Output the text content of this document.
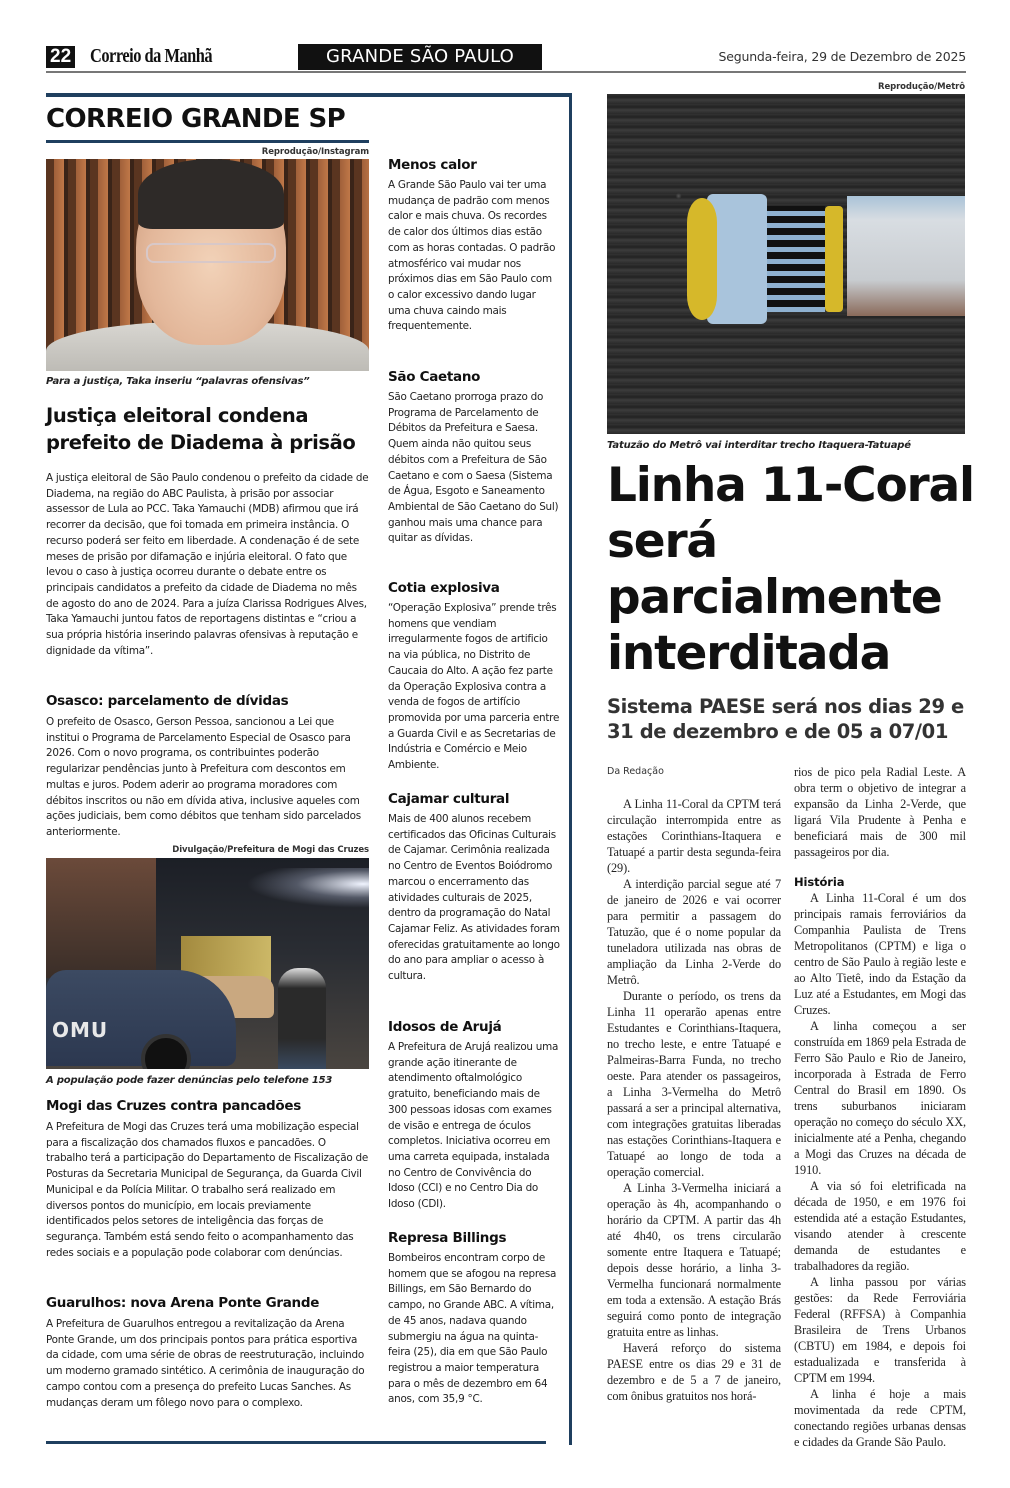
22 Correio da Manhã	GRANDE SÃO PAULO	Segunda-feira, 29 de Dezembro de 2025
CORREIO GRANDE SP
Reprodução/Instagram
Para a justiça, Taka inseriu “palavras ofensivas”
Justiça eleitoral condena prefeito de Diadema à prisão

A justiça eleitoral de São Paulo condenou o prefeito da cidade de Diadema, na região do ABC Paulista, à prisão por associar assessor de Lula ao PCC. Taka Yamauchi (MDB) afirmou que irá recorrer da decisão, que foi tomada em primeira instância. O recurso poderá ser feito em liberdade. A condenação é de sete meses de prisão por difamação e injúria eleitoral. O fato que levou o caso à justiça ocorreu durante o debate entre os principais candidatos a prefeito da cidade de Diadema no mês de agosto do ano de 2024. Para a juíza Clarissa Rodrigues Alves, Taka Yamauchi juntou fatos de reportagens distintas e “criou a sua própria história inserindo palavras ofensivas à reputação e dignidade da vítima”.

Osasco: parcelamento de dívidas

O prefeito de Osasco, Gerson Pessoa, sancionou a Lei que institui o Programa de Parcelamento Especial de Osasco para 2026. Com o novo programa, os contribuintes poderão regularizar pendências junto à Prefeitura com descontos em multas e juros. Podem aderir ao programa moradores com débitos inscritos ou não em dívida ativa, inclusive aqueles com ações judiciais, bem como débitos que tenham sido parcelados anteriormente.

Divulgação/Prefeitura de Mogi das Cruzes
OMU
A população pode fazer denúncias pelo telefone 153
Mogi das Cruzes contra pancadões

A Prefeitura de Mogi das Cruzes terá uma mobilização especial para a fiscalização dos chamados fluxos e pancadões. O trabalho terá a participação do Departamento de Fiscalização de Posturas da Secretaria Municipal de Segurança, da Guarda Civil Municipal e da Polícia Militar. O trabalho será realizado em diversos pontos do município, em locais previamente identificados pelos setores de inteligência das forças de segurança. Também está sendo feito o acompanhamento das redes sociais e a população pode colaborar com denúncias.

Guarulhos: nova Arena Ponte Grande

A Prefeitura de Guarulhos entregou a revitalização da Arena Ponte Grande, um dos principais pontos para prática esportiva da cidade, com uma série de obras de reestruturação, incluindo um moderno gramado sintético. A cerimônia de inauguração do campo contou com a presença do prefeito Lucas Sanches. As mudanças deram um fôlego novo para o complexo.

Menos calor

A Grande São Paulo vai ter uma mudança de padrão com menos calor e mais chuva. Os recordes de calor dos últimos dias estão com as horas contadas. O padrão atmosférico vai mudar nos próximos dias em São Paulo com o calor excessivo dando lugar uma chuva caindo mais frequentemente.

São Caetano

São Caetano prorroga prazo do Programa de Parcelamento de Débitos da Prefeitura e Saesa. Quem ainda não quitou seus débitos com a Prefeitura de São Caetano e com o Saesa (Sistema de Água, Esgoto e Saneamento Ambiental de São Caetano do Sul) ganhou mais uma chance para quitar as dívidas.

Cotia explosiva

“Operação Explosiva” prende três homens que vendiam irregularmente fogos de artificio na via pública, no Distrito de Caucaia do Alto. A ação fez parte da Operação Explosiva contra a venda de fogos de artifício promovida por uma parceria entre a Guarda Civil e as Secretarias de Indústria e Comércio e Meio Ambiente.

Cajamar cultural

Mais de 400 alunos recebem certificados das Oficinas Culturais de Cajamar. Cerimônia realizada no Centro de Eventos Boiódromo marcou o encerramento das atividades culturais de 2025, dentro da programação do Natal Cajamar Feliz. As atividades foram oferecidas gratuitamente ao longo do ano para ampliar o acesso à cultura.

Idosos de Arujá

A Prefeitura de Arujá realizou uma grande ação itinerante de atendimento oftalmológico gratuito, beneficiando mais de 300 pessoas idosas com exames de visão e entrega de óculos completos. Iniciativa ocorreu em uma carreta equipada, instalada no Centro de Convivência do Idoso (CCI) e no Centro Dia do Idoso (CDI).

Represa Billings

Bombeiros encontram corpo de homem que se afogou na represa Billings, em São Bernardo do campo, no Grande ABC. A vítima, de 45 anos, nadava quando submergiu na água na quinta-feira (25), dia em que São Paulo registrou a maior temperatura para o mês de dezembro em 64 anos, com 35,9 °C.

Reprodução/Metrô
Tatuzão do Metrô vai interditar trecho Itaquera-Tatuapé
Linha 11-Coral será parcialmente interditada
Sistema PAESE será nos dias 29 e 31 de dezembro e de 05 a 07/01
Da Redação

A Linha 11-Coral da CPTM terá circulação interrompida entre as estações Corinthians-Itaquera e Tatuapé a partir desta segunda-feira (29).

A interdição parcial segue até 7 de janeiro de 2026 e vai ocorrer para permitir a passagem do Tatuzão, que é o nome popular da tuneladora utilizada nas obras de ampliação da Linha 2-Verde do Metrô.

Durante o período, os trens da Linha 11 operarão apenas entre Estudantes e Corinthians-Itaquera, no trecho leste, e entre Tatuapé e Palmeiras-Barra Funda, no trecho oeste. Para atender os passageiros, a Linha 3-Vermelha do Metrô passará a ser a principal alternativa, com integrações gratuitas liberadas nas estações Corinthians-Itaquera e Tatuapé ao longo de toda a operação comercial.

A Linha 3-Vermelha iniciará a operação às 4h, acompanhando o horário da CPTM. A partir das 4h até 4h40, os trens circularão somente entre Itaquera e Tatuapé; depois desse horário, a linha 3-Vermelha funcionará normalmente em toda a extensão. A estação Brás seguirá como ponto de integração gratuita entre as linhas.

Haverá reforço do sistema PAESE entre os dias 29 e 31 de dezembro e de 5 a 7 de janeiro, com ônibus gratuitos nos horá-

rios de pico pela Radial Leste. A obra term o objetivo de integrar a expansão da Linha 2-Verde, que ligará Vila Prudente à Penha e beneficiará mais de 300 mil passageiros por dia.

História

A Linha 11-Coral é um dos principais ramais ferroviários da Companhia Paulista de Trens Metropolitanos (CPTM) e liga o centro de São Paulo à região leste e ao Alto Tietê, indo da Estação da Luz até a Estudantes, em Mogi das Cruzes.

A linha começou a ser construída em 1869 pela Estrada de Ferro São Paulo e Rio de Janeiro, incorporada à Estrada de Ferro Central do Brasil em 1890. Os trens suburbanos iniciaram operação no começo do século XX, inicialmente até a Penha, chegando a Mogi das Cruzes na década de 1910.

A via só foi eletrificada na década de 1950, e em 1976 foi estendida até a estação Estudantes, visando atender à crescente demanda de estudantes e trabalhadores da região.

A linha passou por várias gestões: da Rede Ferroviária Federal (RFFSA) à Companhia Brasileira de Trens Urbanos (CBTU) em 1984, e depois foi estadualizada e transferida à CPTM em 1994.

A linha é hoje a mais movimentada da rede CPTM, conectando regiões urbanas densas e cidades da Grande São Paulo.
